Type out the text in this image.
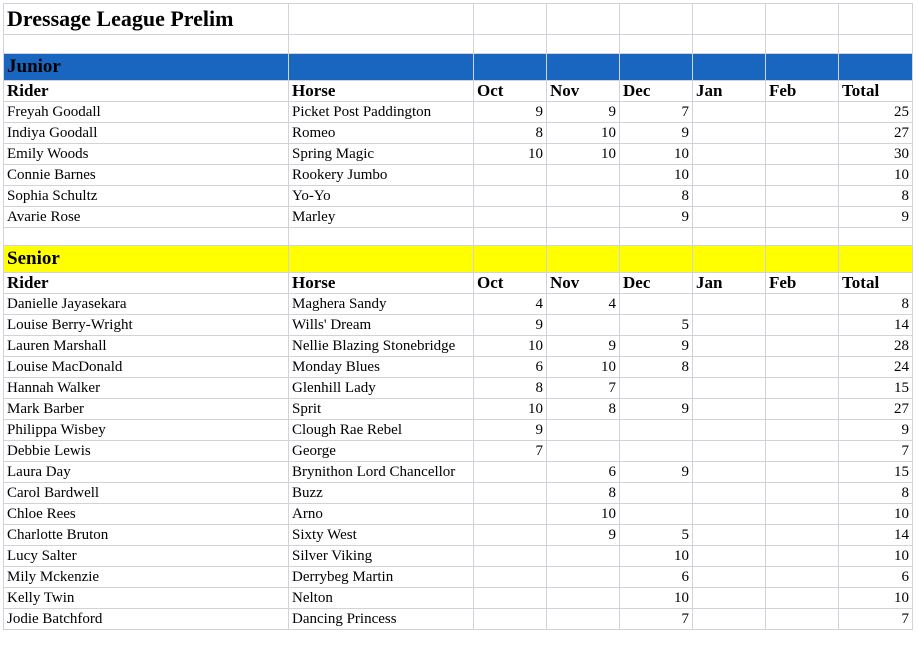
Dressage League Prelim							

Junior							
Rider	Horse	Oct	Nov	Dec	Jan	Feb	Total
Freyah Goodall	Picket Post Paddington	9	9	7			25
Indiya Goodall	Romeo	8	10	9			27
Emily Woods	Spring Magic	10	10	10			30
Connie Barnes	Rookery Jumbo			10			10
Sophia Schultz	Yo-Yo			8			8
Avarie Rose	Marley			9			9

Senior							
Rider	Horse	Oct	Nov	Dec	Jan	Feb	Total
Danielle Jayasekara	Maghera Sandy	4	4				8
Louise Berry-Wright	Wills' Dream	9		5			14
Lauren Marshall	Nellie Blazing Stonebridge	10	9	9			28
Louise MacDonald	Monday Blues	6	10	8			24
Hannah Walker	Glenhill Lady	8	7				15
Mark Barber	Sprit	10	8	9			27
Philippa Wisbey	Clough Rae Rebel	9					9
Debbie Lewis	George	7					7
Laura Day	Brynithon Lord Chancellor		6	9			15
Carol Bardwell	Buzz		8				8
Chloe Rees	Arno		10				10
Charlotte Bruton	Sixty West		9	5			14
Lucy Salter	Silver Viking			10			10
Mily Mckenzie	Derrybeg Martin			6			6
Kelly Twin	Nelton			10			10
Jodie Batchford	Dancing Princess			7			7
